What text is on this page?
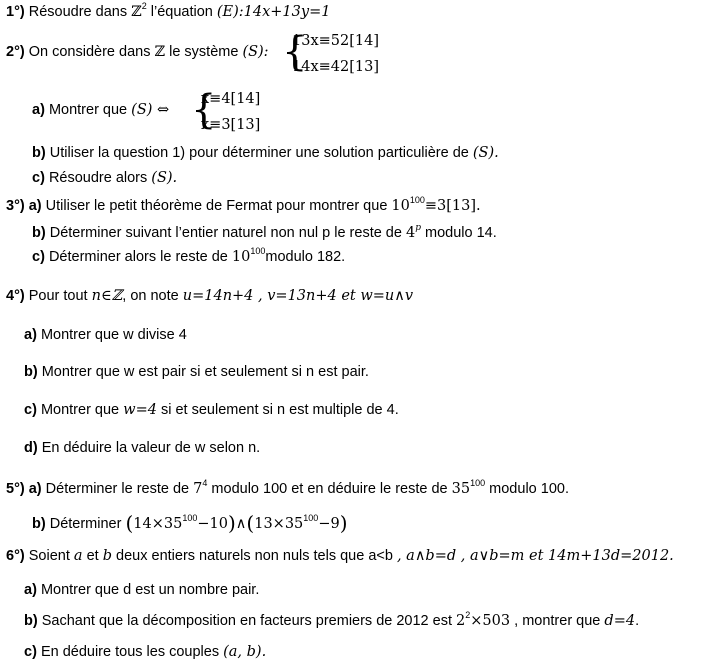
1°) Résoudre dans ℤ$^2$ l’équation (E):14x+13y=1
2°) On considère dans ℤ le système (S): {
13x≡52[14]
14x≡42[13]
a) Montrer que (S) ⇔ {
x≡4[14]
x≡3[13]
b) Utiliser la question 1) pour déterminer une solution particulière de (S).
c) Résoudre alors (S).
3°) a) Utiliser le petit théorème de Fermat pour montrer que $10^{100}\equiv 3[13]$.
b) Déterminer suivant l’entier naturel non nul p le reste de 4$^p$ modulo 14.
c) Déterminer alors le reste de $10^{100}modulo$ 182.
4°) Pour tout n∈ℤ, on note u=14n+4 , v=13n+4 et w=u∧v
a) Montrer que w divise 4
b) Montrer que w est pair si et seulement si n est pair.
c) Montrer que w=4 si et seulement si n est multiple de 4.
d) En déduire la valeur de w selon n.
5°) a) Déterminer le reste de $7^4$ modulo 100 et en déduire le reste de $35^{100}$ modulo 100.
b) Déterminer $(14\times 35^{100}-10)\wedge(13\times 35^{100}-9)$
6°) Soient a et b deux entiers naturels non nuls tels que a<b , a∧b=d , a∨b=m et 14m+13d=2012.
a) Montrer que d est un nombre pair.
b) Sachant que la décomposition en facteurs premiers de 2012 est $2^2\times 503$ , montrer que d=4.
c) En déduire tous les couples (a, b).
